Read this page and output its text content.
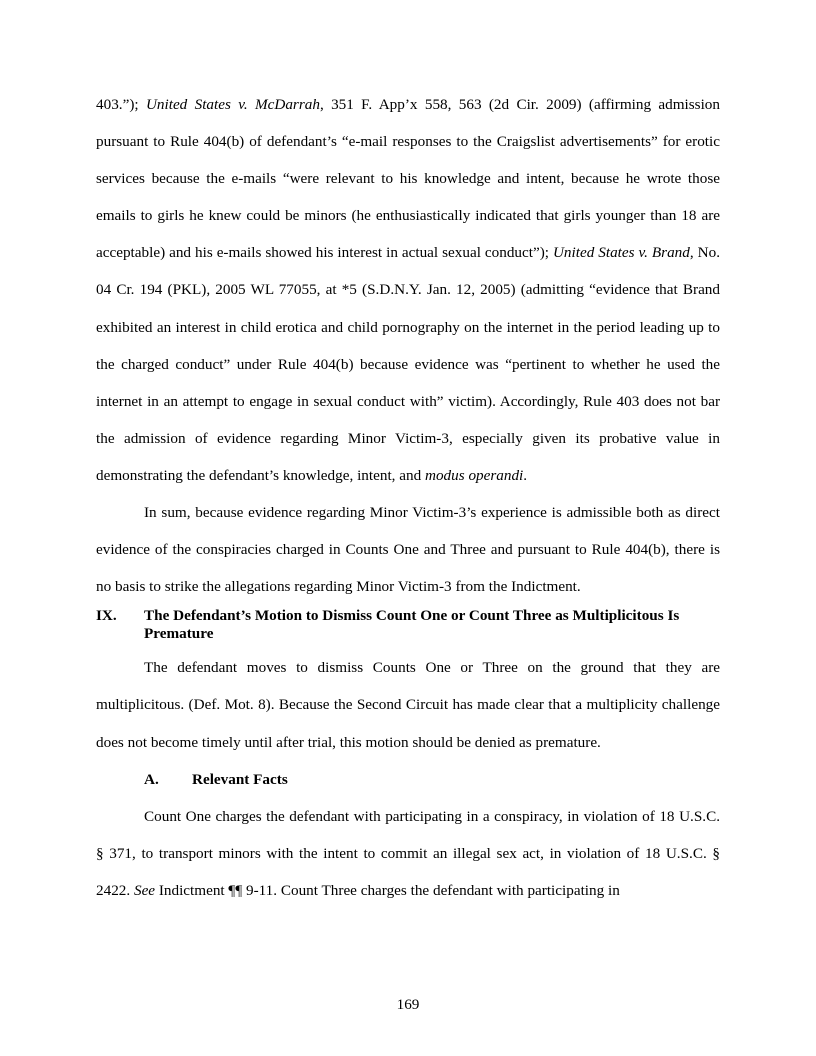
403.”); United States v. McDarrah, 351 F. App’x 558, 563 (2d Cir. 2009) (affirming admission pursuant to Rule 404(b) of defendant’s “e-mail responses to the Craigslist advertisements” for erotic services because the e-mails “were relevant to his knowledge and intent, because he wrote those emails to girls he knew could be minors (he enthusiastically indicated that girls younger than 18 are acceptable) and his e-mails showed his interest in actual sexual conduct”); United States v. Brand, No. 04 Cr. 194 (PKL), 2005 WL 77055, at *5 (S.D.N.Y. Jan. 12, 2005) (admitting “evidence that Brand exhibited an interest in child erotica and child pornography on the internet in the period leading up to the charged conduct” under Rule 404(b) because evidence was “pertinent to whether he used the internet in an attempt to engage in sexual conduct with” victim). Accordingly, Rule 403 does not bar the admission of evidence regarding Minor Victim-3, especially given its probative value in demonstrating the defendant’s knowledge, intent, and modus operandi.

In sum, because evidence regarding Minor Victim-3’s experience is admissible both as direct evidence of the conspiracies charged in Counts One and Three and pursuant to Rule 404(b), there is no basis to strike the allegations regarding Minor Victim-3 from the Indictment.

IX.	The Defendant’s Motion to Dismiss Count One or Count Three as Multiplicitous Is Premature

The defendant moves to dismiss Counts One or Three on the ground that they are multiplicitous. (Def. Mot. 8). Because the Second Circuit has made clear that a multiplicity challenge does not become timely until after trial, this motion should be denied as premature.

A.	Relevant Facts

Count One charges the defendant with participating in a conspiracy, in violation of 18 U.S.C. § 371, to transport minors with the intent to commit an illegal sex act, in violation of 18 U.S.C. § 2422. See Indictment ¶¶ 9-11. Count Three charges the defendant with participating in

169
